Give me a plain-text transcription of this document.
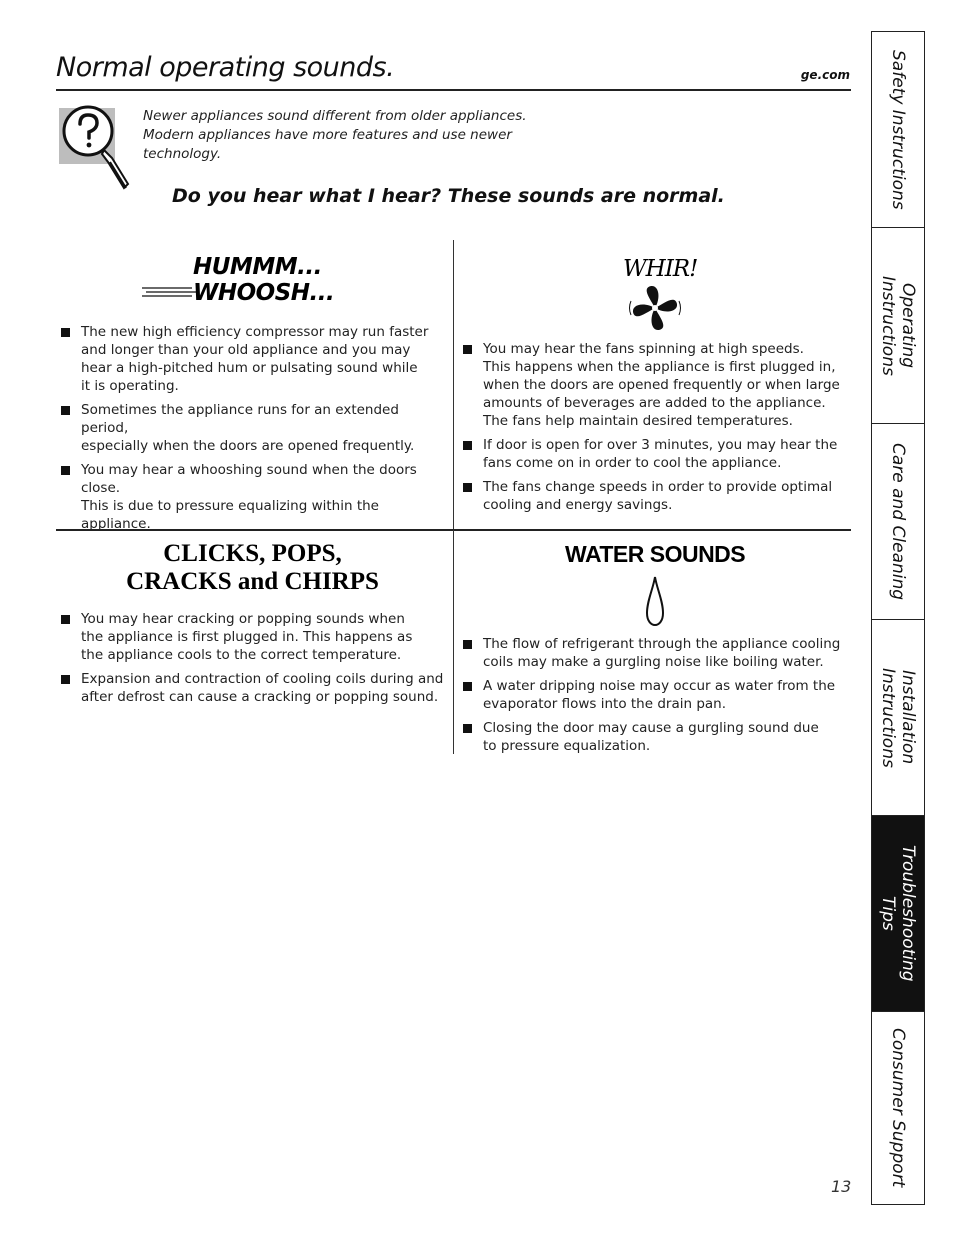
Normal operating sounds.	ge.com
Newer appliances sound different from older appliances.
Modern appliances have more features and use newer
technology.
Do you hear what I hear? These sounds are normal.
HUMMM...
WHOOSH...
The new high efficiency compressor may run faster
and longer than your old appliance and you may
hear a high-pitched hum or pulsating sound while
it is operating.
Sometimes the appliance runs for an extended period,
especially when the doors are opened frequently.
You may hear a whooshing sound when the doors close.
This is due to pressure equalizing within the appliance.
WHIR!
You may hear the fans spinning at high speeds.
This happens when the appliance is first plugged in,
when the doors are opened frequently or when large
amounts of beverages are added to the appliance.
The fans help maintain desired temperatures.
If door is open for over 3 minutes, you may hear the
fans come on in order to cool the appliance.
The fans change speeds in order to provide optimal
cooling and energy savings.
CLICKS, POPS,
CRACKS and CHIRPS
You may hear cracking or popping sounds when
the appliance is first plugged in. This happens as
the appliance cools to the correct temperature.
Expansion and contraction of cooling coils during and
after defrost can cause a cracking or popping sound.
WATER SOUNDS
The flow of refrigerant through the appliance cooling
coils may make a gurgling noise like boiling water.
A water dripping noise may occur as water from the
evaporator flows into the drain pan.
Closing the door may cause a gurgling sound due
to pressure equalization.
13
Safety Instructions
Operating
Instructions
Care and Cleaning
Installation
Instructions
Troubleshooting
Tips
Consumer Support
